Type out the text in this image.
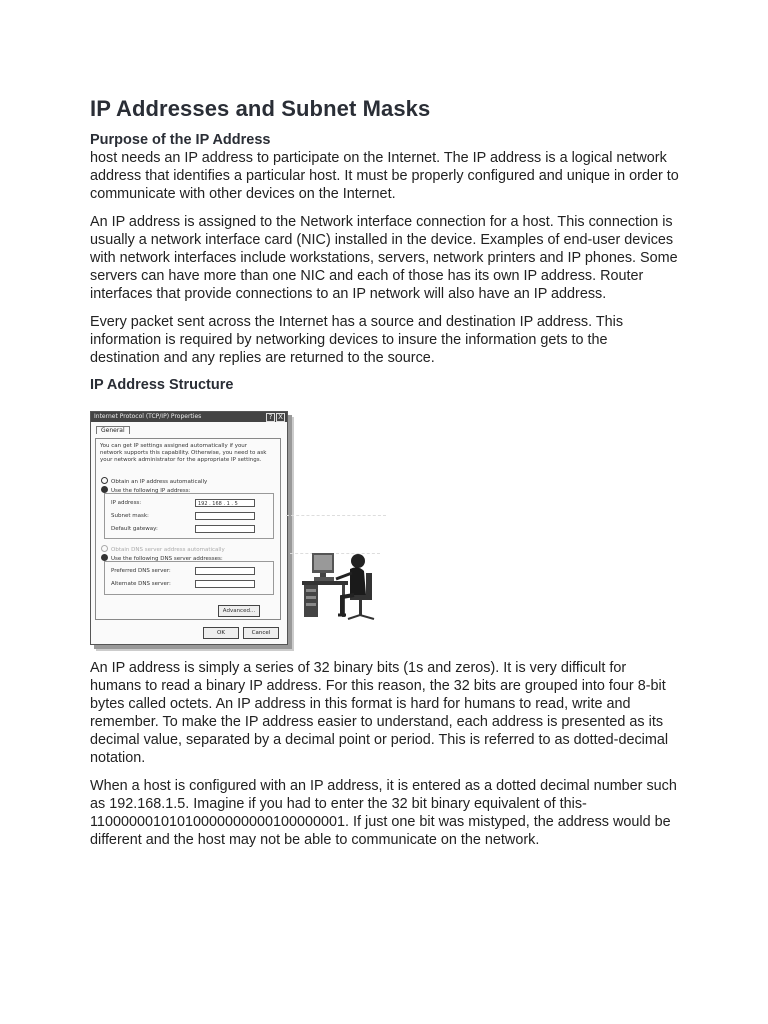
IP Addresses and Subnet Masks
Purpose of the IP Address

host needs an IP address to participate on the Internet. The IP address is a logical network address that identifies a particular host. It must be properly configured and unique in order to communicate with other devices on the Internet.

An IP address is assigned to the Network interface connection for a host. This connection is usually a network interface card (NIC) installed in the device. Examples of end-user devices with network interfaces include workstations, servers, network printers and IP phones. Some servers can have more than one NIC and each of those has its own IP address. Router interfaces that provide connections to an IP network will also have an IP address.

Every packet sent across the Internet has a source and destination IP address. This information is required by networking devices to insure the information gets to the destination and any replies are returned to the source.

IP Address Structure
Internet Protocol (TCP/IP) Properties	? X
General
You can get IP settings assigned automatically if your network supports this capability. Otherwise, you need to ask your network administrator for the appropriate IP settings.
Obtain an IP address automatically
Use the following IP address:
IP address:	192 . 168 . 1 . 5
Subnet mask:
Default gateway:
Obtain DNS server address automatically
Use the following DNS server addresses:
Preferred DNS server:
Alternate DNS server:
Advanced...
OK	Cancel

An IP address is simply a series of 32 binary bits (1s and zeros). It is very difficult for humans to read a binary IP address. For this reason, the 32 bits are grouped into four 8-bit bytes called octets. An IP address in this format is hard for humans to read, write and remember. To make the IP address easier to understand, each address is presented as its decimal value, separated by a decimal point or period. This is referred to as dotted-decimal notation.

When a host is configured with an IP address, it is entered as a dotted decimal number such as 192.168.1.5. Imagine if you had to enter the 32 bit binary equivalent of this- 11000000101010000000000100000001. If just one bit was mistyped, the address would be different and the host may not be able to communicate on the network.
